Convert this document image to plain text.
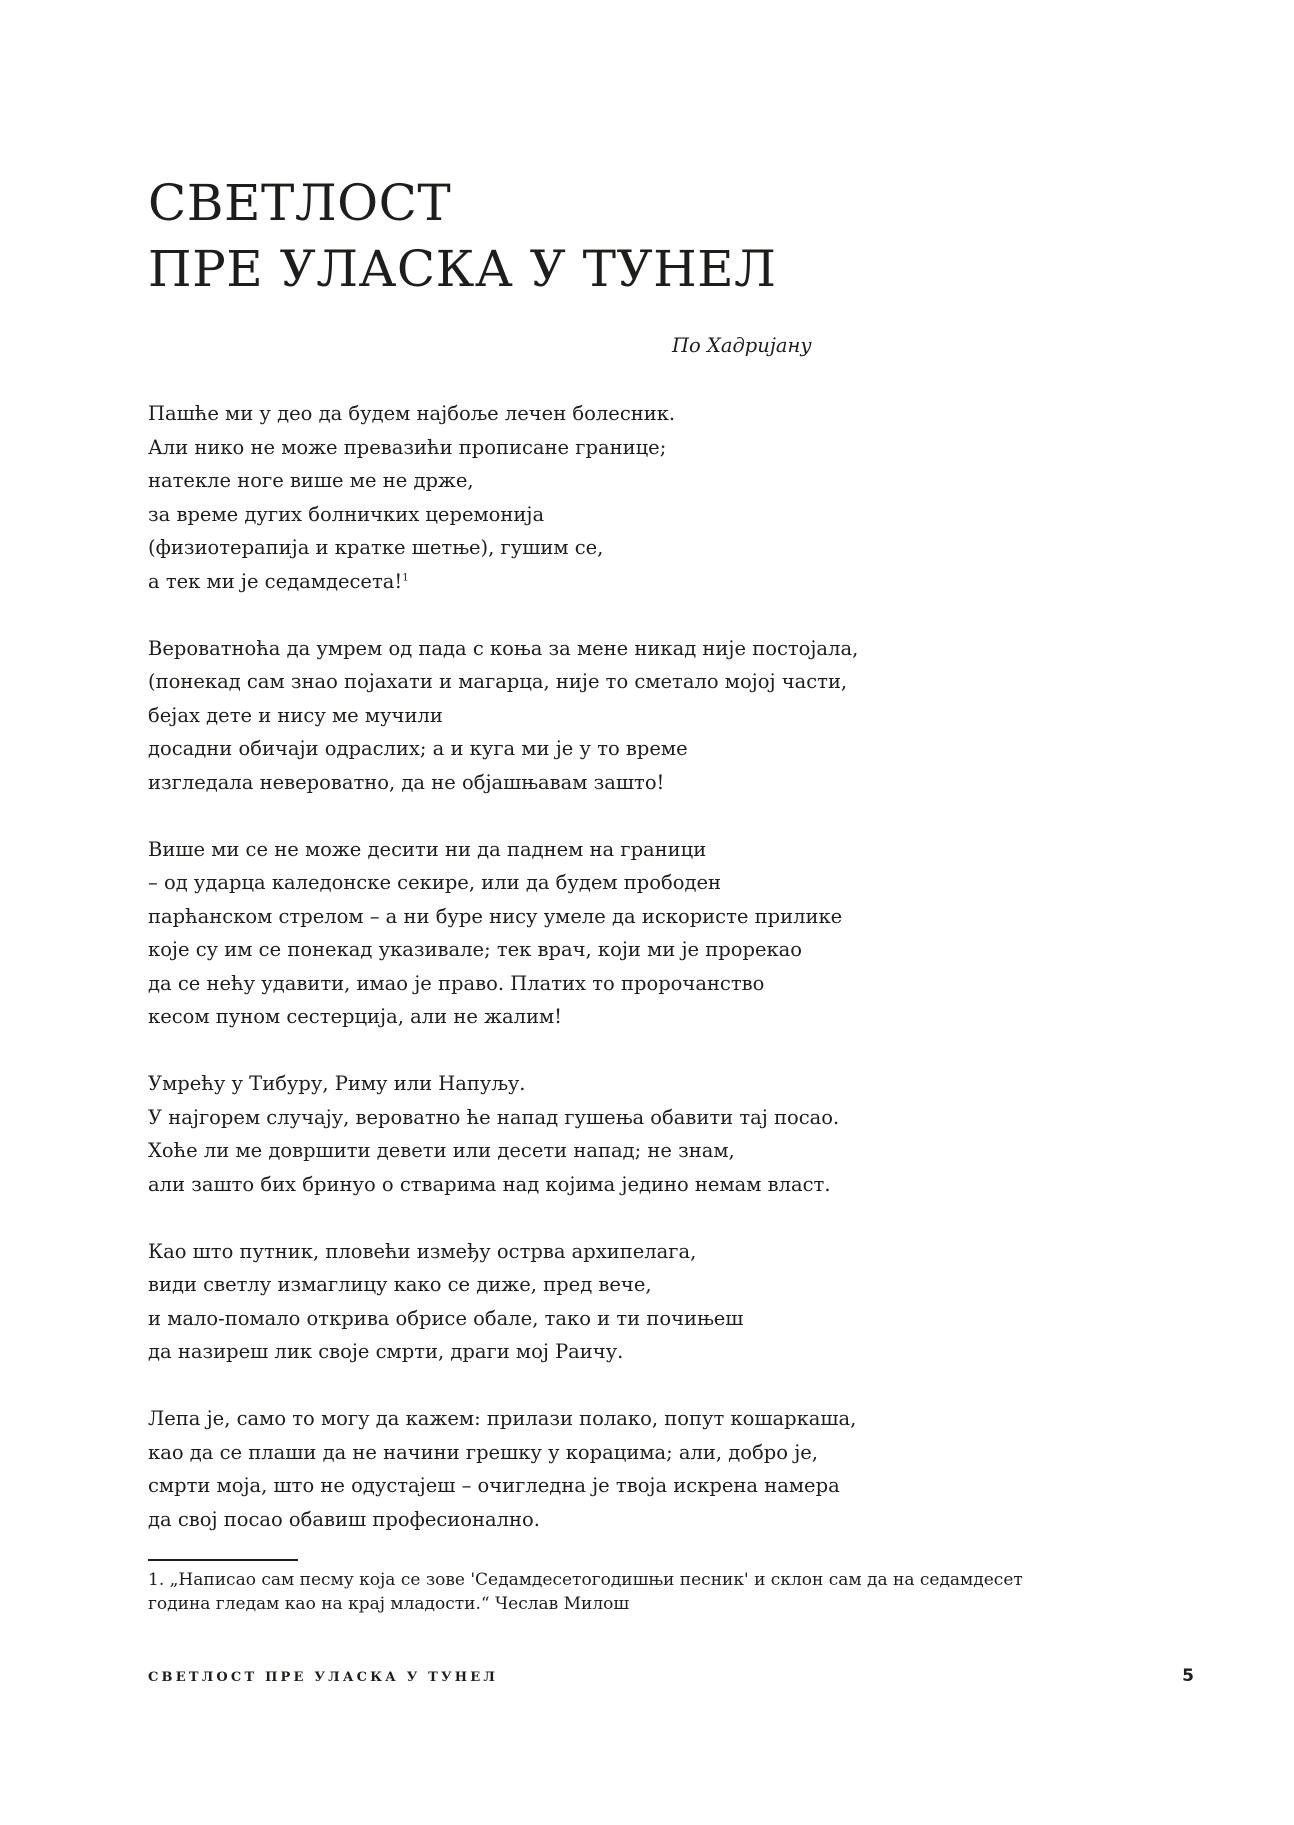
СВЕТЛОСТ
ПРЕ УЛАСКА У ТУНЕЛ
По Хадријану
Пашће ми у део да будем најбоље лечен болесник.
Али нико не може превазићи прописане границе;
натекле ноге више ме не држе,
за време дугих болничких церемонија
(физиотерапија и кратке шетње), гушим се,
а тек ми је седамдесета!$^1$
Вероватноћа да умрем од пада с коња за мене никад није постојала,
(понекад сам знао појахати и магарца, није то сметало мојој части,
бејах дете и нису ме мучили
досадни обичаји одраслих; а и куга ми је у то време
изгледала невероватно, да не објашњавам зашто!
Више ми се не може десити ни да паднем на граници
– од ударца каледонске секире, или да будем прободен
парћанском стрелом – а ни буре нису умеле да искористе прилике
које су им се понекад указивале; тек врач, који ми је прорекао
да се нећу удавити, имао је право. Платих то пророчанство
кесом пуном сестерција, али не жалим!
Умрећу у Тибуру, Риму или Напуљу.
У најгорем случају, вероватно ће напад гушења обавити тај посао.
Хоће ли ме довршити девети или десети напад; не знам,
али зашто бих бринуо о стварима над којима једино немам власт.
Као што путник, пловећи између острва архипелага,
види светлу измаглицу како се диже, пред вече,
и мало-помало открива обрисе обале, тако и ти почињеш
да назиреш лик своје смрти, драги мој Раичу.
Лепа је, само то могу да кажем: прилази полако, попут кошаркаша,
као да се плаши да не начини грешку у корацима; али, добро је,
смрти моја, што не одустајеш – очигледна је твоја искрена намера
да свој посао обавиш професионално.
1. „Написао сам песму која се зове 'Седамдесетогодишњи песник' и склон сам да на седамдесет
година гледам као на крај младости.“ Чеслав Милош
СВЕТЛОСТ ПРЕ УЛАСКА У ТУНЕЛ	5
